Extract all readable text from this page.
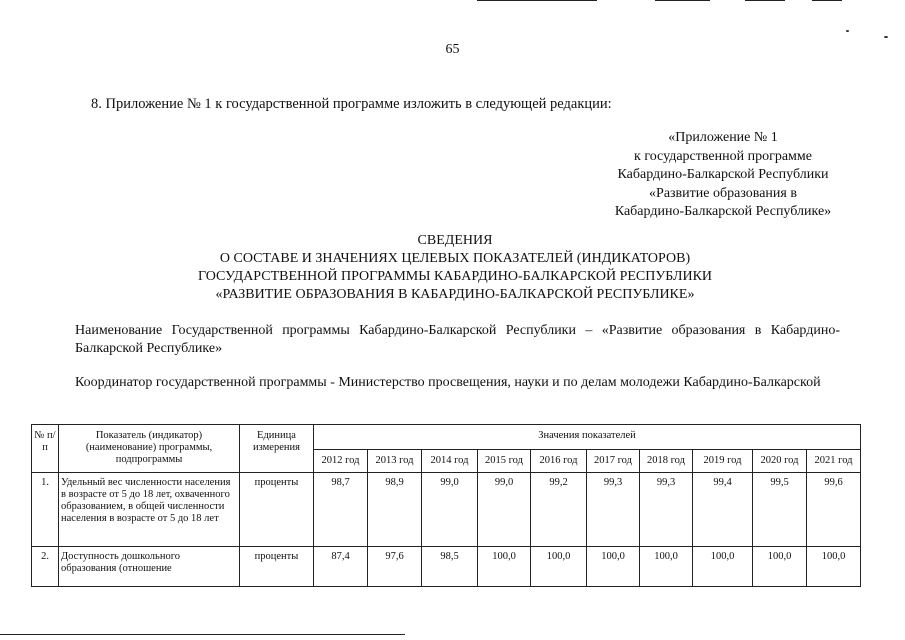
65
8. Приложение № 1 к государственной программе изложить в следующей редакции:
«Приложение № 1
к государственной программе
Кабардино-Балкарской Республики
«Развитие образования в
Кабардино-Балкарской Республике»
СВЕДЕНИЯ
О СОСТАВЕ И ЗНАЧЕНИЯХ ЦЕЛЕВЫХ ПОКАЗАТЕЛЕЙ (ИНДИКАТОРОВ)
ГОСУДАРСТВЕННОЙ ПРОГРАММЫ КАБАРДИНО-БАЛКАРСКОЙ РЕСПУБЛИКИ
«РАЗВИТИЕ ОБРАЗОВАНИЯ В КАБАРДИНО-БАЛКАРСКОЙ РЕСПУБЛИКЕ»
Наименование Государственной программы Кабардино-Балкарской Республики – «Развитие образования в Кабардино-Балкарской Республике»
Координатор государственной программы - Министерство просвещения, науки и по делам молодежи Кабардино-Балкарской
№ п/п	Показатель (индикатор) (наименование) программы, подпрограммы	Единица измерения	Значения показателей									
			2012 год	2013 год	2014 год	2015 год	2016 год	2017 год	2018 год	2019 год	2020 год	2021 год
1.	Удельный вес численности населения в возрасте от 5 до 18 лет, охваченного образованием, в общей численности населения в возрасте от 5 до 18 лет	проценты	98,7	98,9	99,0	99,0	99,2	99,3	99,3	99,4	99,5	99,6
2.	Доступность дошкольного образования (отношение	проценты	87,4	97,6	98,5	100,0	100,0	100,0	100,0	100,0	100,0	100,0
